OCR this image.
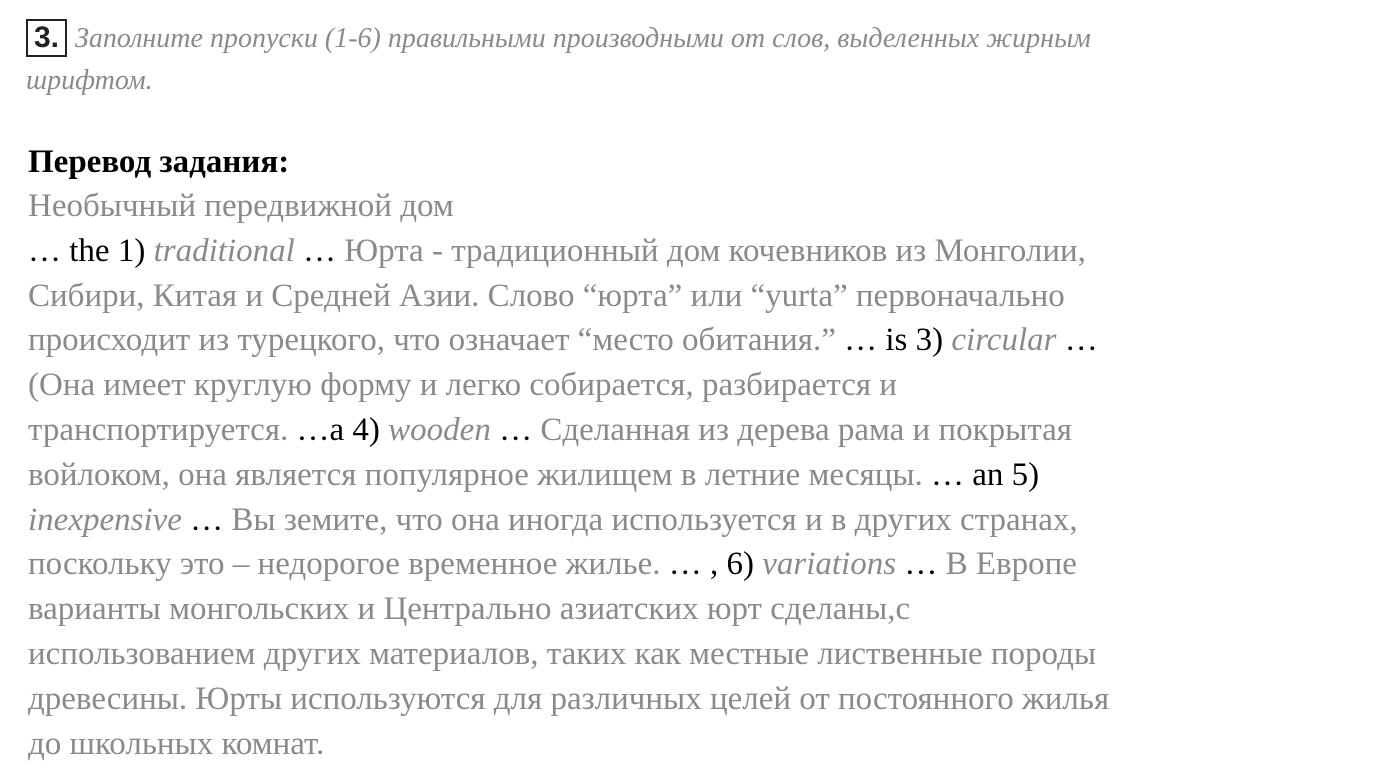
3. Заполните пропуски (1-6) правильными производными от слов, выделенных жирным
шрифтом.
Перевод задания:
Необычный передвижной дом
… the 1) traditional … Юрта - традиционный дом кочевников из Монголии,
Сибири, Китая и Средней Азии. Слово “юрта” или “yurta” первоначально
происходит из турецкого, что означает “место обитания.” … is 3) circular …
(Она имеет круглую форму и легко собирается, разбирается и
транспортируется. …a 4) wooden … Сделанная из дерева рама и покрытая
войлоком, она является популярное жилищем в летние месяцы. … an 5)
inexpensive … Вы земите, что она иногда используется и в других странах,
поскольку это – недорогое временное жилье. … , 6) variations … В Европе
варианты монгольских и Центрально азиатских юрт сделаны,с
использованием других материалов, таких как местные лиственные породы
древесины. Юрты используются для различных целей от постоянного жилья
до школьных комнат.
